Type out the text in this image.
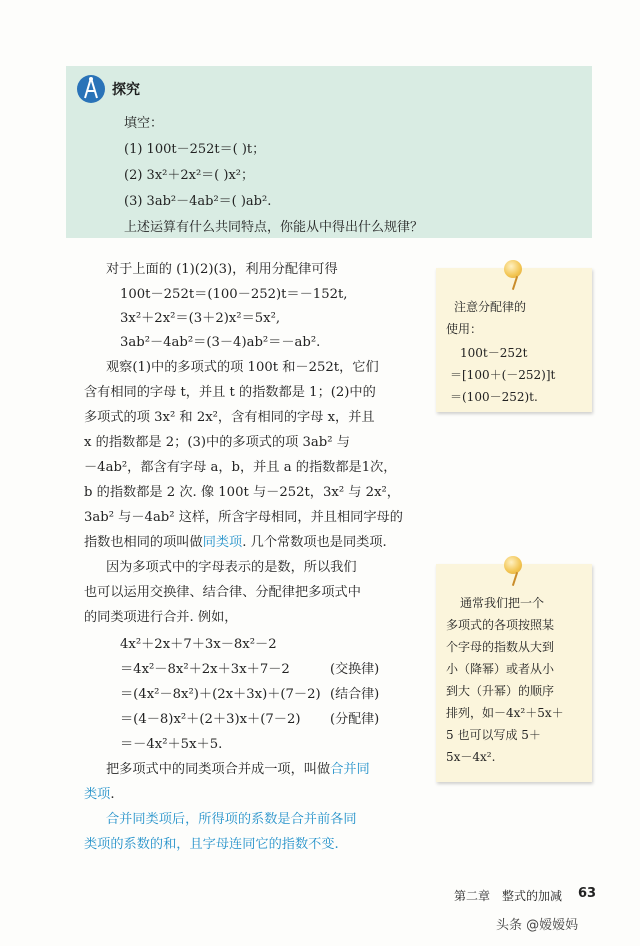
探究
填空：
(1) 100t－252t＝( )t；
(2) 3x²＋2x²＝( )x²；
(3) 3ab²－4ab²＝( )ab².
上述运算有什么共同特点，你能从中得出什么规律？
对于上面的 (1)(2)(3)，利用分配律可得
100t－252t＝(100－252)t＝－152t,
3x²＋2x²＝(3＋2)x²＝5x²,
3ab²－4ab²＝(3－4)ab²＝－ab².
观察(1)中的多项式的项 100t 和－252t，它们
含有相同的字母 t，并且 t 的指数都是 1；(2)中的
多项式的项 3x² 和 2x²，含有相同的字母 x，并且
x 的指数都是 2；(3)中的多项式的项 3ab² 与
－4ab²，都含有字母 a，b，并且 a 的指数都是1次，
b 的指数都是 2 次. 像 100t 与－252t，3x² 与 2x²，
3ab² 与－4ab² 这样，所含字母相同，并且相同字母的
指数也相同的项叫做同类项. 几个常数项也是同类项.
因为多项式中的字母表示的是数，所以我们
也可以运用交换律、结合律、分配律把多项式中
的同类项进行合并. 例如，
4x²＋2x＋7＋3x－8x²－2
＝4x²－8x²＋2x＋3x＋7－2	(交换律)
＝(4x²－8x²)＋(2x＋3x)＋(7－2) (结合律)
＝(4－8)x²＋(2＋3)x＋(7－2) (分配律)
＝－4x²＋5x＋5.
把多项式中的同类项合并成一项，叫做合并同
类项.
合并同类项后，所得项的系数是合并前各同
类项的系数的和，且字母连同它的指数不变.
注意分配律的
使用：
100t－252t
＝[100＋(－252)]t
＝(100－252)t.
通常我们把一个
多项式的各项按照某
个字母的指数从大到
小（降幂）或者从小
到大（升幂）的顺序
排列，如－4x²＋5x＋
5 也可以写成 5＋
5x－4x².
第二章　整式的加减 63
头条 @嫒嫒妈
